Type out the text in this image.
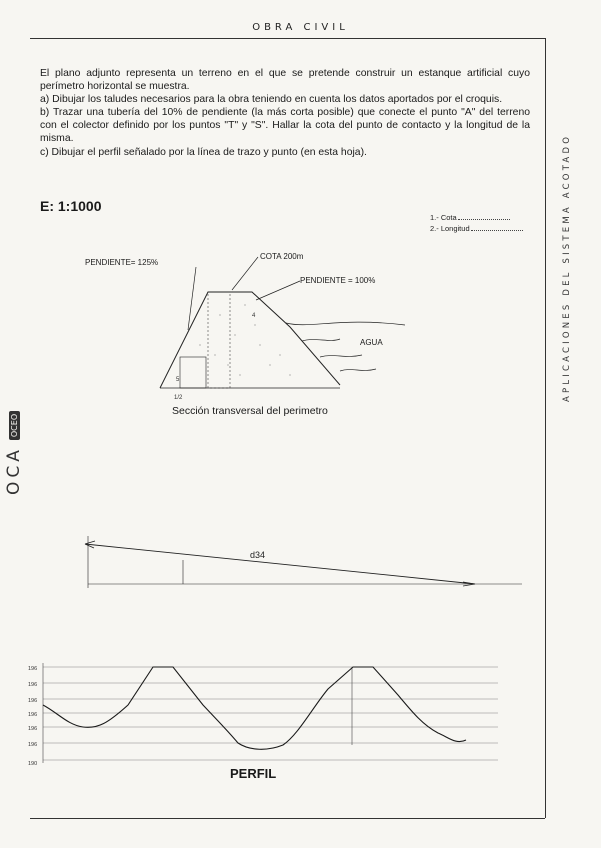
OBRA CIVIL
APLICACIONES DEL SISTEMA ACOTADO
OCA
OCEO

El plano adjunto representa un terreno en el que se pretende construir un estanque artificial cuyo perímetro horizontal se muestra.

a) Dibujar los taludes necesarios para la obra teniendo en cuenta los datos aportados por el croquis.

b) Trazar una tubería del 10% de pendiente (la más corta posible) que conecte el punto "A" del terreno con el colector definido por los puntos "T" y "S". Hallar la cota del punto de contacto y la longitud de la misma.

c) Dibujar el perfil señalado por la línea de trazo y punto (en esta hoja).

E: 1:1000
1.- Cota
2.- Longitud
PENDIENTE= 125%
COTA 200m
PENDIENTE = 100%
AGUA
4
5
1/2
Sección transversal del perimetro
d34
196
196
196
196
196
196
190
PERFIL
